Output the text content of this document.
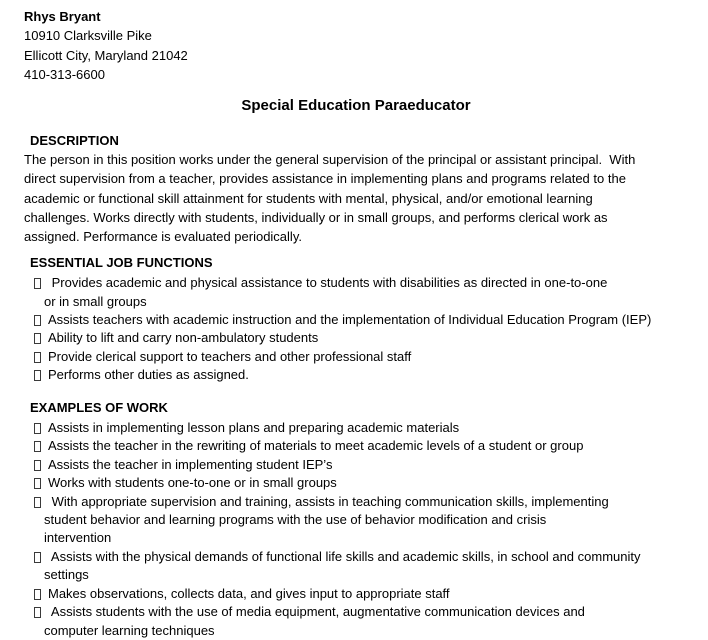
Rhys Bryant
10910 Clarksville Pike
Ellicott City, Maryland 21042
410-313-6600
Special Education Paraeducator
DESCRIPTION
The person in this position works under the general supervision of the principal or assistant principal.  With
direct supervision from a teacher, provides assistance in implementing plans and programs related to the
academic or functional skill attainment for students with mental, physical, and/or emotional learning
challenges. Works directly with students, individually or in small groups, and performs clerical work as
assigned. Performance is evaluated periodically.
ESSENTIAL JOB FUNCTIONS
Provides academic and physical assistance to students with disabilities as directed in one-to-one
or in small groups
Assists teachers with academic instruction and the implementation of Individual Education Program (IEP)
Ability to lift and carry non-ambulatory students
Provide clerical support to teachers and other professional staff
Performs other duties as assigned.
EXAMPLES OF WORK
Assists in implementing lesson plans and preparing academic materials
Assists the teacher in the rewriting of materials to meet academic levels of a student or group
Assists the teacher in implementing student IEP’s
Works with students one-to-one or in small groups
With appropriate supervision and training, assists in teaching communication skills, implementing
student behavior and learning programs with the use of behavior modification and crisis
intervention
Assists with the physical demands of functional life skills and academic skills, in school and community
settings
Makes observations, collects data, and gives input to appropriate staff
Assists students with the use of media equipment, augmentative communication devices and
computer learning techniques
